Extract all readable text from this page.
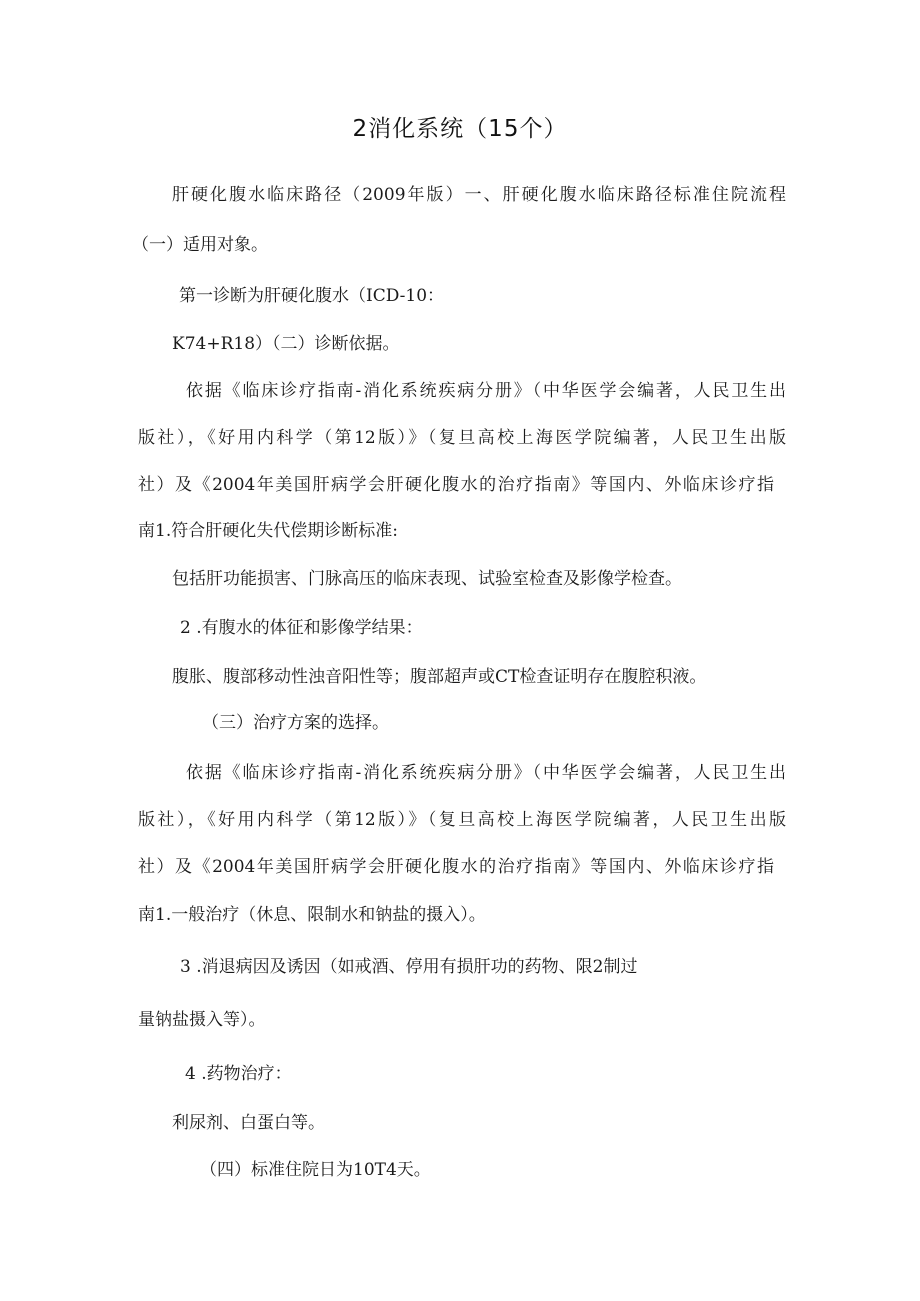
2消化系统（15个）
肝硬化腹水临床路径（2009年版）一、肝硬化腹水临床路径标准住院流程
（一）适用对象。
第一诊断为肝硬化腹水（ICD-10：
K74+R18）（二）诊断依据。
依据《临床诊疗指南-消化系统疾病分册》（中华医学会编著，人民卫生出
版社），《好用内科学（第12版）》（复旦高校上海医学院编著，人民卫生出版
社）及《2004年美国肝病学会肝硬化腹水的治疗指南》等国内、外临床诊疗指
南1.符合肝硬化失代偿期诊断标准:
包括肝功能损害、门脉高压的临床表现、试验室检查及影像学检查。
2 .有腹水的体征和影像学结果：
腹胀、腹部移动性浊音阳性等；腹部超声或CT检查证明存在腹腔积液。
（三）治疗方案的选择。
依据《临床诊疗指南-消化系统疾病分册》（中华医学会编著，人民卫生出
版社），《好用内科学（第12版）》（复旦高校上海医学院编著，人民卫生出版
社）及《2004年美国肝病学会肝硬化腹水的治疗指南》等国内、外临床诊疗指
南1.一般治疗（休息、限制水和钠盐的摄入）。
3 .消退病因及诱因（如戒酒、停用有损肝功的药物、限2制过
量钠盐摄入等）。
4 .药物治疗：
利尿剂、白蛋白等。
（四）标准住院日为10T4天。
